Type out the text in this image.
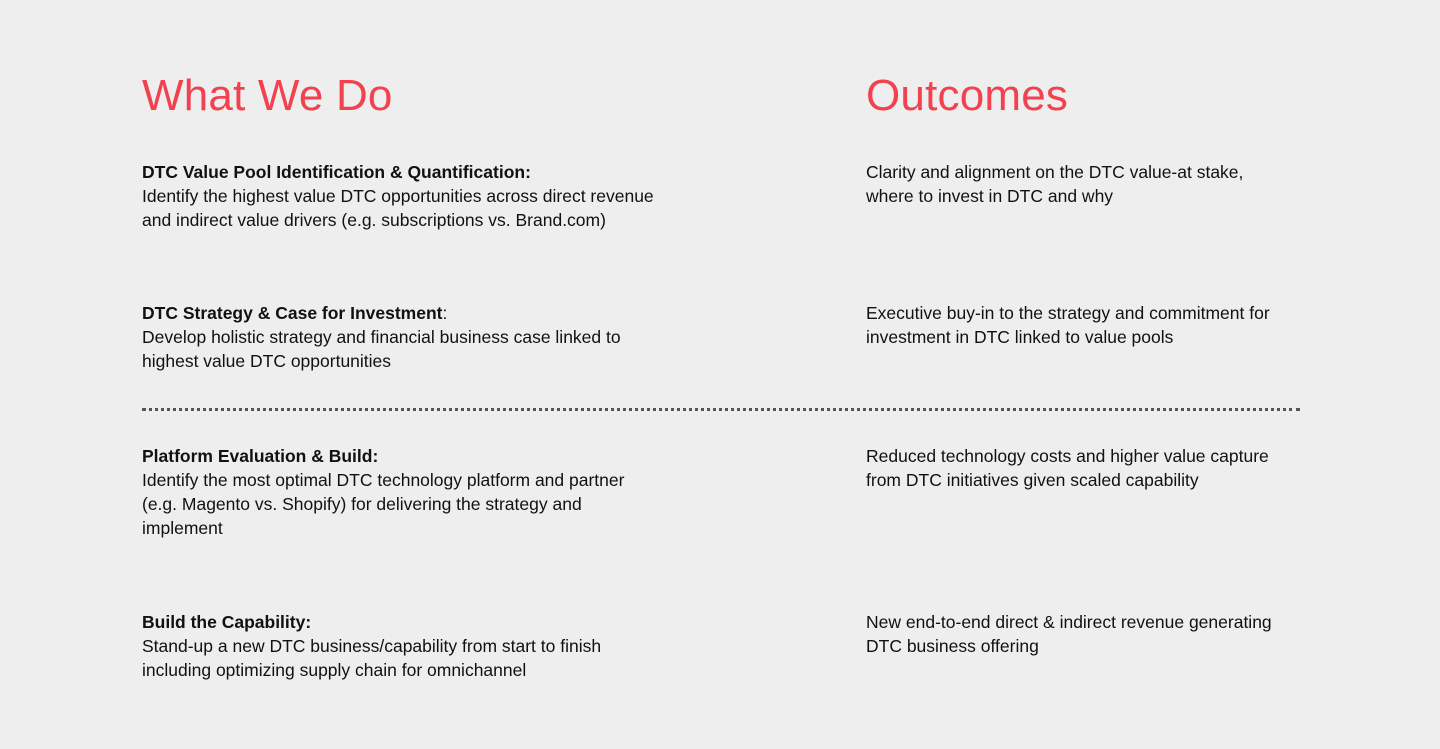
What We Do	Outcomes
DTC Value Pool Identification & Quantification:
Identify the highest value DTC opportunities across direct revenue and indirect value drivers (e.g. subscriptions vs. Brand.com)
Clarity and alignment on the DTC value-at stake, where to invest in DTC and why
DTC Strategy & Case for Investment:
Develop holistic strategy and financial business case linked to highest value DTC opportunities
Executive buy-in to the strategy and commitment for investment in DTC linked to value pools
Platform Evaluation & Build:
Identify the most optimal DTC technology platform and partner (e.g. Magento vs. Shopify) for delivering the strategy and implement
Reduced technology costs and higher value capture from DTC initiatives given scaled capability
Build the Capability:
Stand-up a new DTC business/capability from start to finish including optimizing supply chain for omnichannel
New end-to-end direct & indirect revenue generating DTC business offering
